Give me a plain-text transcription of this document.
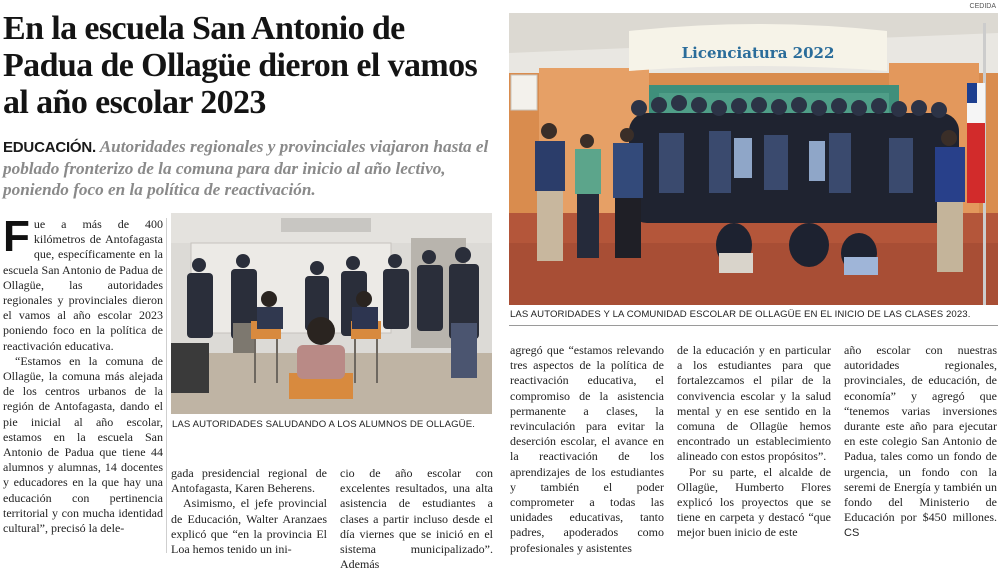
En la escuela San Antonio de Padua de Ollagüe dieron el vamos al año escolar 2023
EDUCACIÓN. Autoridades regionales y provinciales viajaron hasta el poblado fronterizo de la comuna para dar inicio al año lectivo, poniendo foco en la política de reactivación.
CEDIDA
Licenciatura 2022
LAS AUTORIDADES Y LA COMUNIDAD ESCOLAR DE OLLAGÜE EN EL INICIO DE LAS CLASES 2023.
LAS AUTORIDADES SALUDANDO A LOS ALUMNOS DE OLLAGÜE.

Fue a más de 400 kilómetros de Antofagasta que, específicamente en la escuela San Antonio de Padua de Ollagüe, las autoridades regionales y provinciales dieron el vamos al año escolar 2023 poniendo foco en la política de reactivación educativa.

“Estamos en la comuna de Ollagüe, la comuna más alejada de los centros urbanos de la región de Antofagasta, dando el pie inicial al año escolar, estamos en la escuela San Antonio de Padua que tiene 44 alumnos y alumnas, 14 docentes y educadores en la que hay una educación con pertinencia territorial y con mucha identidad cultural”, precisó la dele-

gada presidencial regional de Antofagasta, Karen Beherens.

Asimismo, el jefe provincial de Educación, Walter Aranzaes explicó que “en la provincia El Loa hemos tenido un ini-

cio de año escolar con excelentes resultados, una alta asistencia de estudiantes a clases a partir incluso desde el día viernes que se inició en el sistema municipalizado”. Además

agregó que “estamos relevando tres aspectos de la política de reactivación educativa, el compromiso de la asistencia permanente a clases, la revinculación para evitar la deserción escolar, el avance en la reactivación de los aprendizajes de los estudiantes y también el poder comprometer a todas las unidades educativas, tanto padres, apoderados como profesionales y asistentes

de la educación y en particular a los estudiantes para que fortalezcamos el pilar de la convivencia escolar y la salud mental y en ese sentido en la comuna de Ollagüe hemos encontrado un establecimiento alineado con estos propósitos”.

Por su parte, el alcalde de Ollagüe, Humberto Flores explicó los proyectos que se tiene en carpeta y destacó “que mejor buen inicio de este

año escolar con nuestras autoridades regionales, provinciales, de educación, de economía” y agregó que “tenemos varias inversiones durante este año para ejecutar en este colegio San Antonio de Padua, tales como un fondo de urgencia, un fondo con la seremi de Energía y también un fondo del Ministerio de Educación por $450 millones. CS
